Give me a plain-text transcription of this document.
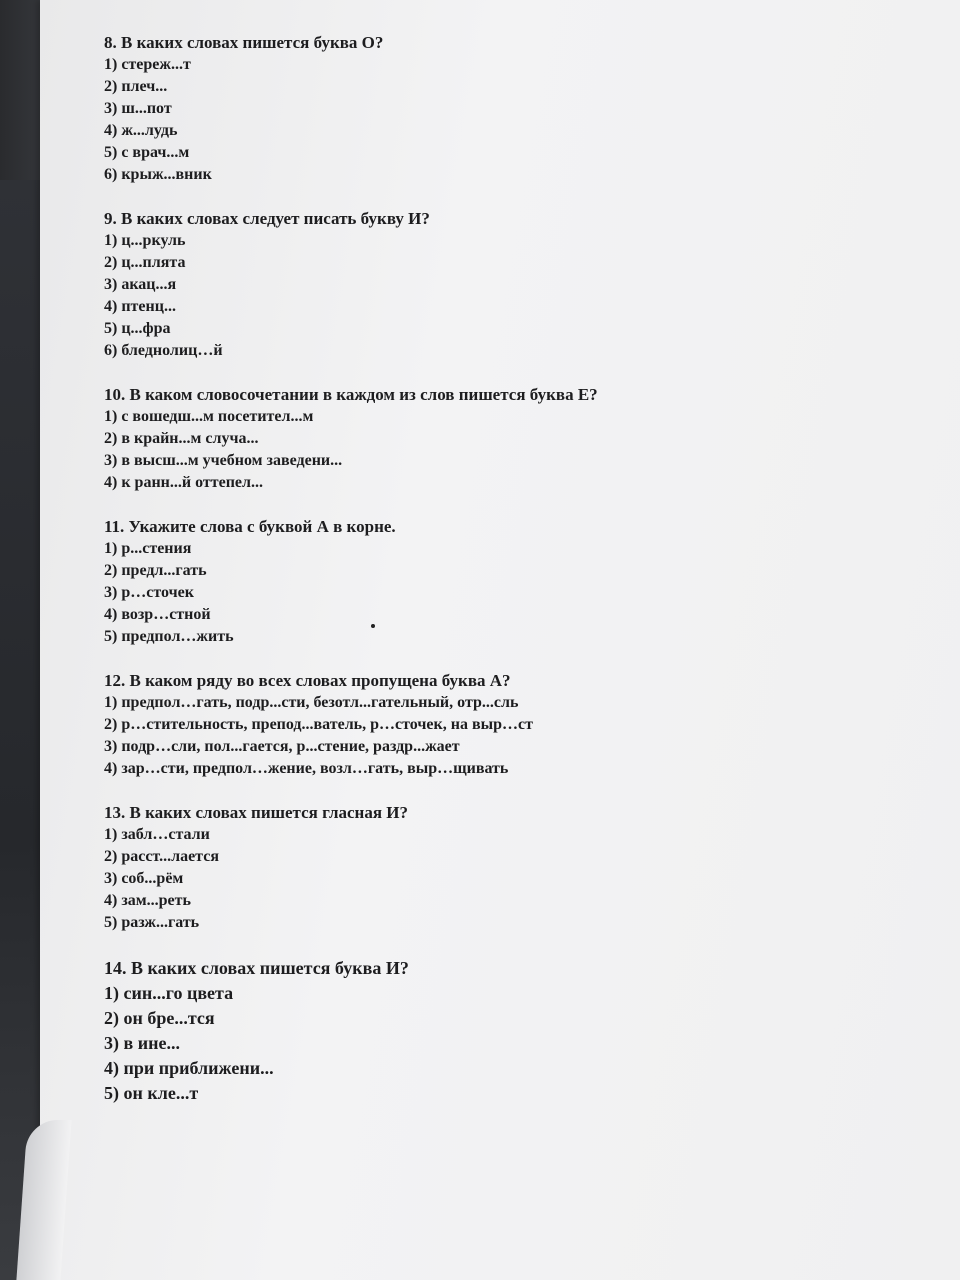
8. В каких словах пишется буква О?
1) стереж...т
2) плеч...
3) ш...пот
4) ж...лудь
5) с врач...м
6) крыж...вник
9. В каких словах следует писать букву И?
1) ц...ркуль
2) ц...плята
3) акац...я
4) птенц...
5) ц...фра
6) бледнолиц…й
10. В каком словосочетании в каждом из слов пишется буква Е?
1) с вошедш...м посетител...м
2) в крайн...м случа...
3) в высш...м учебном заведени...
4) к ранн...й оттепел...
11. Укажите слова с буквой А в корне.
1) р...стения
2) предл...гать
3) р…сточек
4) возр…стной
5) предпол…жить
12. В каком ряду во всех словах пропущена буква А?
1) предпол…гать, подр...сти, безотл...гательный, отр...сль
2) р…стительность, препод...ватель, р…сточек, на выр…ст
3) подр…сли, пол...гается, р...стение, раздр...жает
4) зар…сти, предпол…жение, возл…гать, выр…щивать
13. В каких словах пишется гласная И?
1) забл…стали
2) расст...лается
3) соб...рём
4) зам...реть
5) разж...гать
14. В каких словах пишется буква И?
1) син...го цвета
2) он бре...тся
3) в ине...
4) при приближени...
5) он кле...т
